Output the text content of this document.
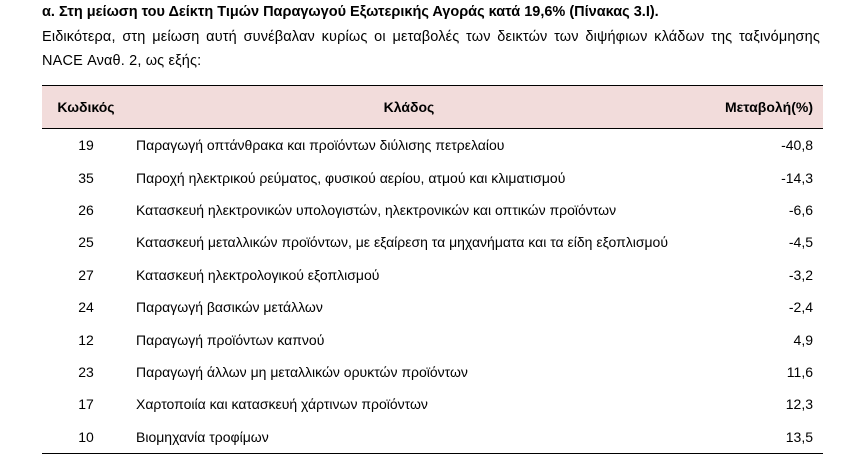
α. Στη μείωση του Δείκτη Τιμών Παραγωγού Εξωτερικής Αγοράς κατά 19,6% (Πίνακας 3.Ι).
Ειδικότερα, στη μείωση αυτή συνέβαλαν κυρίως οι μεταβολές των δεικτών των διψήφιων κλάδων της ταξινόμησης NACE Αναθ. 2, ως εξής:
Κωδικός	Κλάδος	Μεταβολή (%)
19	Παραγωγή οπτάνθρακα και προϊόντων διύλισης πετρελαίου	-40,8
35	Παροχή ηλεκτρικού ρεύματος, φυσικού αερίου, ατμού και κλιματισμού	-14,3
26	Κατασκευή ηλεκτρονικών υπολογιστών, ηλεκτρονικών και οπτικών προϊόντων	-6,6
25	Κατασκευή μεταλλικών προϊόντων, με εξαίρεση τα μηχανήματα και τα είδη εξοπλισμού	-4,5
27	Κατασκευή ηλεκτρολογικού εξοπλισμού	-3,2
24	Παραγωγή βασικών μετάλλων	-2,4
12	Παραγωγή προϊόντων καπνού	4,9
23	Παραγωγή άλλων μη μεταλλικών ορυκτών προϊόντων	11,6
17	Χαρτοποιία και κατασκευή χάρτινων προϊόντων	12,3
10	Βιομηχανία τροφίμων	13,5
